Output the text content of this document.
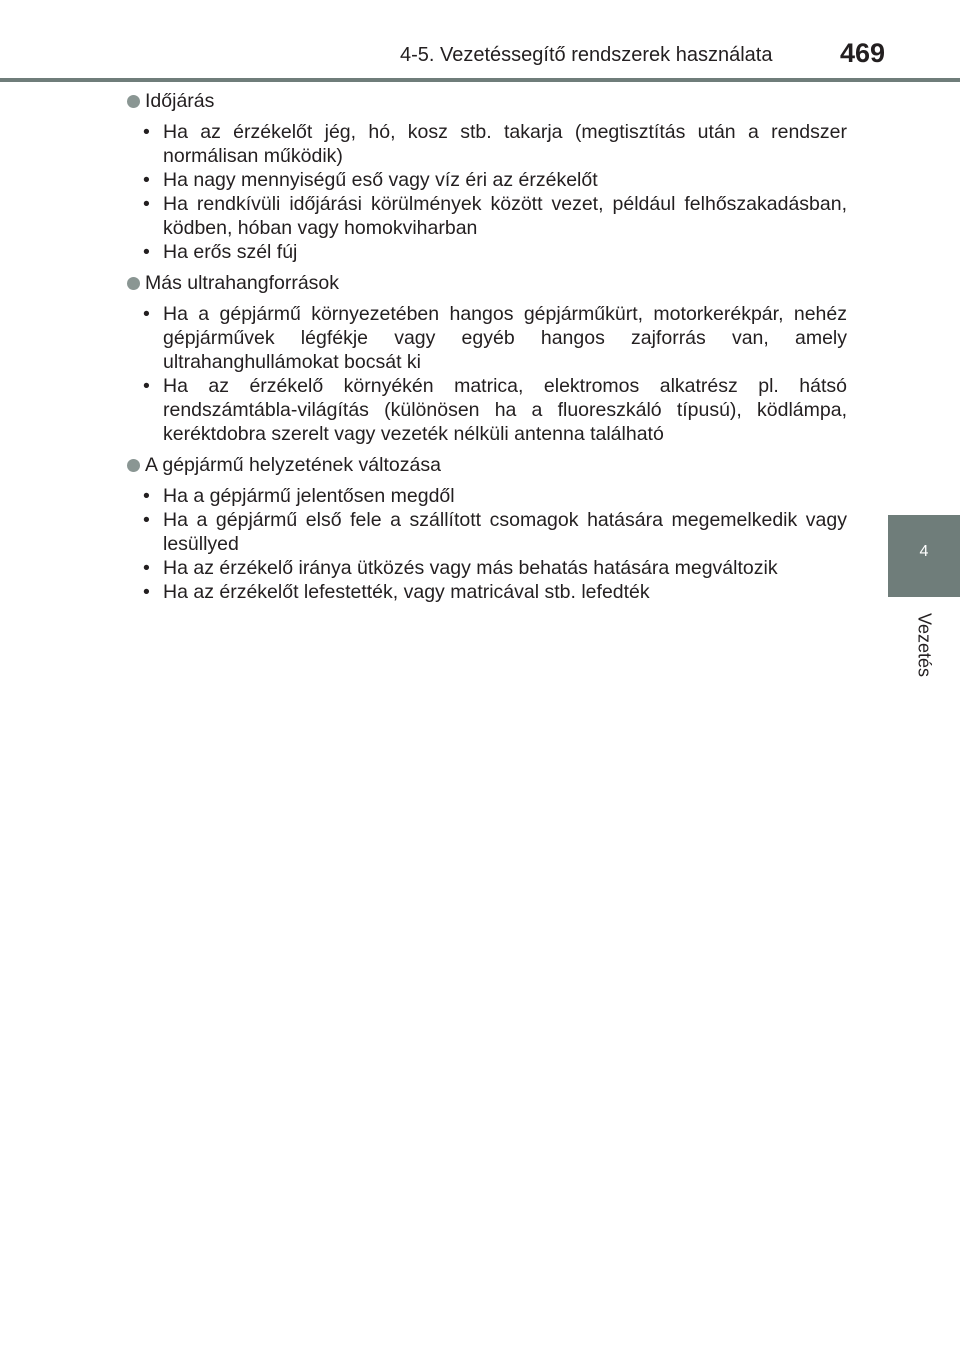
4-5. Vezetéssegítő rendszerek használata	469
4
Vezetés
Időjárás
• Ha az érzékelőt jég, hó, kosz stb. takarja (megtisztítás után a rendszer normálisan működik)
• Ha nagy mennyiségű eső vagy víz éri az érzékelőt
• Ha rendkívüli időjárási körülmények között vezet, például felhőszakadásban, ködben, hóban vagy homokviharban
• Ha erős szél fúj
Más ultrahangforrások
• Ha a gépjármű környezetében hangos gépjárműkürt, motorkerékpár, nehéz gépjárművek légfékje vagy egyéb hangos zajforrás van, amely ultrahanghullámokat bocsát ki
• Ha az érzékelő környékén matrica, elektromos alkatrész pl. hátsó rendszámtábla-világítás (különösen ha a fluoreszkáló típusú), ködlámpa, keréktdobra szerelt vagy vezeték nélküli antenna található
A gépjármű helyzetének változása
• Ha a gépjármű jelentősen megdől
• Ha a gépjármű első fele a szállított csomagok hatására megemelkedik vagy lesüllyed
• Ha az érzékelő iránya ütközés vagy más behatás hatására megváltozik
• Ha az érzékelőt lefestették, vagy matricával stb. lefedték
